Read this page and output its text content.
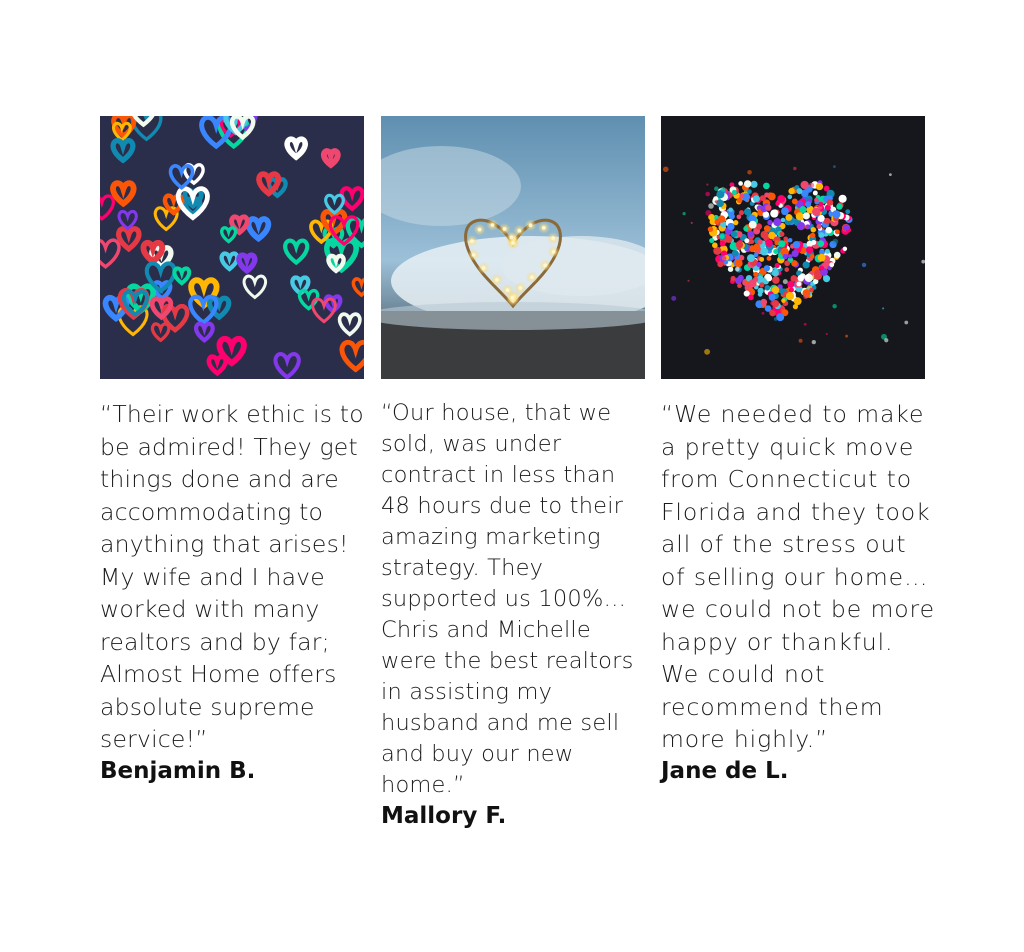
“Their work ethic is to be admired! They get things done and are accommodating to anything that arises! My wife and I have worked with many realtors and by far; Almost Home offers absolute supreme service!”
Benjamin B.
“Our house, that we sold, was under contract in less than 48 hours due to their amazing marketing strategy. They supported us 100%… Chris and Michelle were the best realtors in assisting my husband and me sell and buy our new home.”
Mallory F.
“We needed to make a pretty quick move from Connecticut to Florida and they took all of the stress out of selling our home…we could not be more happy or thankful. We could not recommend them more highly.”
Jane de L.
